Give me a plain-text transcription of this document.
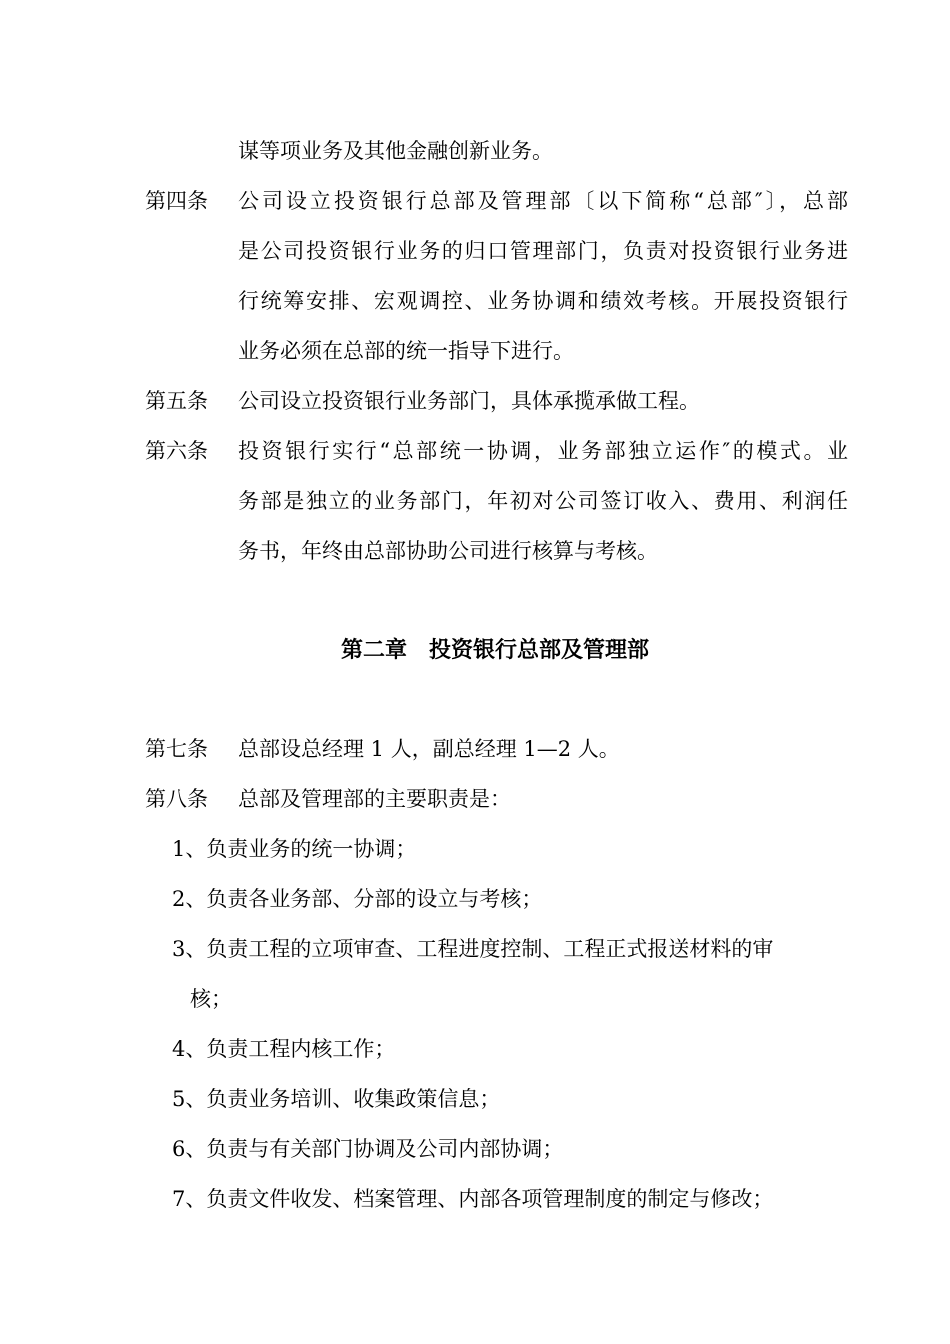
谋等项业务及其他金融创新业务。
第四条 公司设立投资银行总部及管理部〔以下简称“总部″〕，总部
是公司投资银行业务的归口管理部门，负责对投资银行业务进
行统筹安排、宏观调控、业务协调和绩效考核。开展投资银行
业务必须在总部的统一指导下进行。
第五条 公司设立投资银行业务部门，具体承揽承做工程。
第六条 投资银行实行“总部统一协调，业务部独立运作″的模式。业
务部是独立的业务部门，年初对公司签订收入、费用、利润任
务书，年终由总部协助公司进行核算与考核。
第二章　投资银行总部及管理部
第七条 总部设总经理 1 人，副总经理 1—2 人。
第八条 总部及管理部的主要职责是：
1、负责业务的统一协调；
2、负责各业务部、分部的设立与考核；
3、负责工程的立项审查、工程进度控制、工程正式报送材料的审
核；
4、负责工程内核工作；
5、负责业务培训、收集政策信息；
6、负责与有关部门协调及公司内部协调；
7、负责文件收发、档案管理、内部各项管理制度的制定与修改；
